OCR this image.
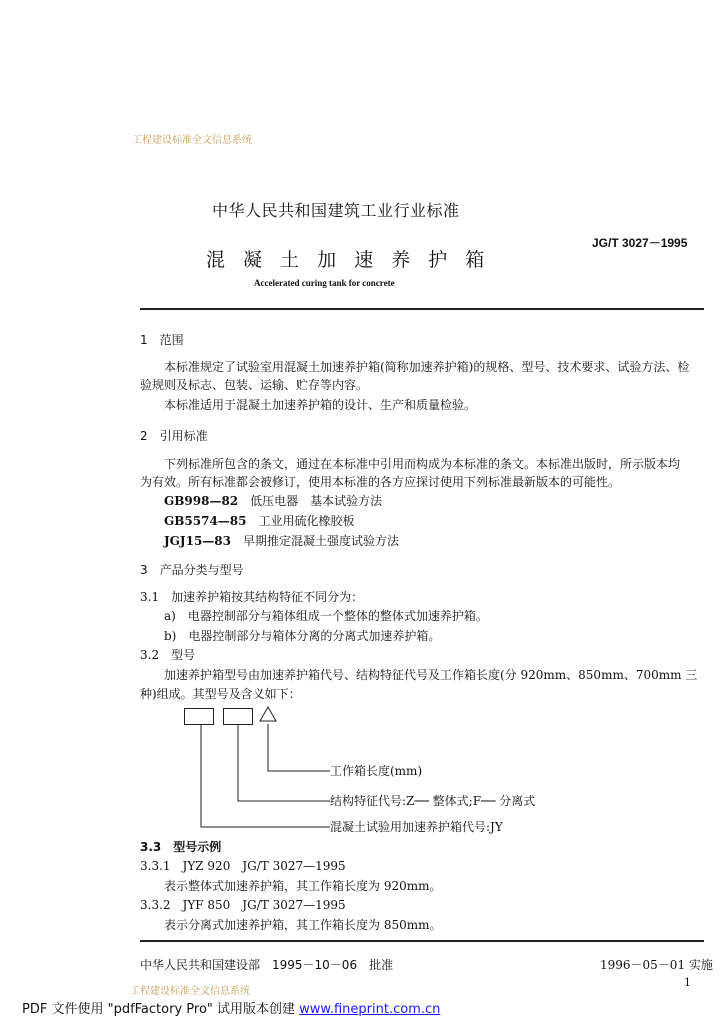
工程建设标准全文信息系统
中华人民共和国建筑工业行业标准
JG/T 3027－1995
混 凝 土 加 速 养 护 箱
Accelerated curing tank for concrete
1　范围
本标准规定了试验室用混凝土加速养护箱(简称加速养护箱)的规格、型号、技术要求、试验方法、检
验规则及标志、包装、运输、贮存等内容。
本标准适用于混凝土加速养护箱的设计、生产和质量检验。
2　引用标准
下列标准所包含的条文，通过在本标准中引用而构成为本标准的条文。本标准出版时，所示版本均
为有效。所有标准都会被修订，使用本标准的各方应探讨使用下列标准最新版本的可能性。
GB998—82　 低压电器　基本试验方法
GB5574—85　 工业用硫化橡胶板
JGJ15—83　 早期推定混凝土强度试验方法
3　产品分类与型号
3.1　加速养护箱按其结构特征不同分为：
a)　电器控制部分与箱体组成一个整体的整体式加速养护箱。
b)　电器控制部分与箱体分离的分离式加速养护箱。
3.2　型号
加速养护箱型号由加速养护箱代号、结构特征代号及工作箱长度(分 920mm、850mm、700mm 三
种)组成。其型号及含义如下：
工作箱长度(mm)
结构特征代号:Z── 整体式;F── 分离式
混凝土试验用加速养护箱代号:JY
3.3　型号示例
3.3.1　JYZ 920　JG/T 3027—1995
表示整体式加速养护箱，其工作箱长度为 920mm。
3.3.2　JYF 850　JG/T 3027—1995
表示分离式加速养护箱，其工作箱长度为 850mm。
中华人民共和国建设部　1995－10－06　批准	1996－05－01 实施
1
工程建设标准全文信息系统
PDF 文件使用 "pdfFactory Pro" 试用版本创建 www.fineprint.com.cn
